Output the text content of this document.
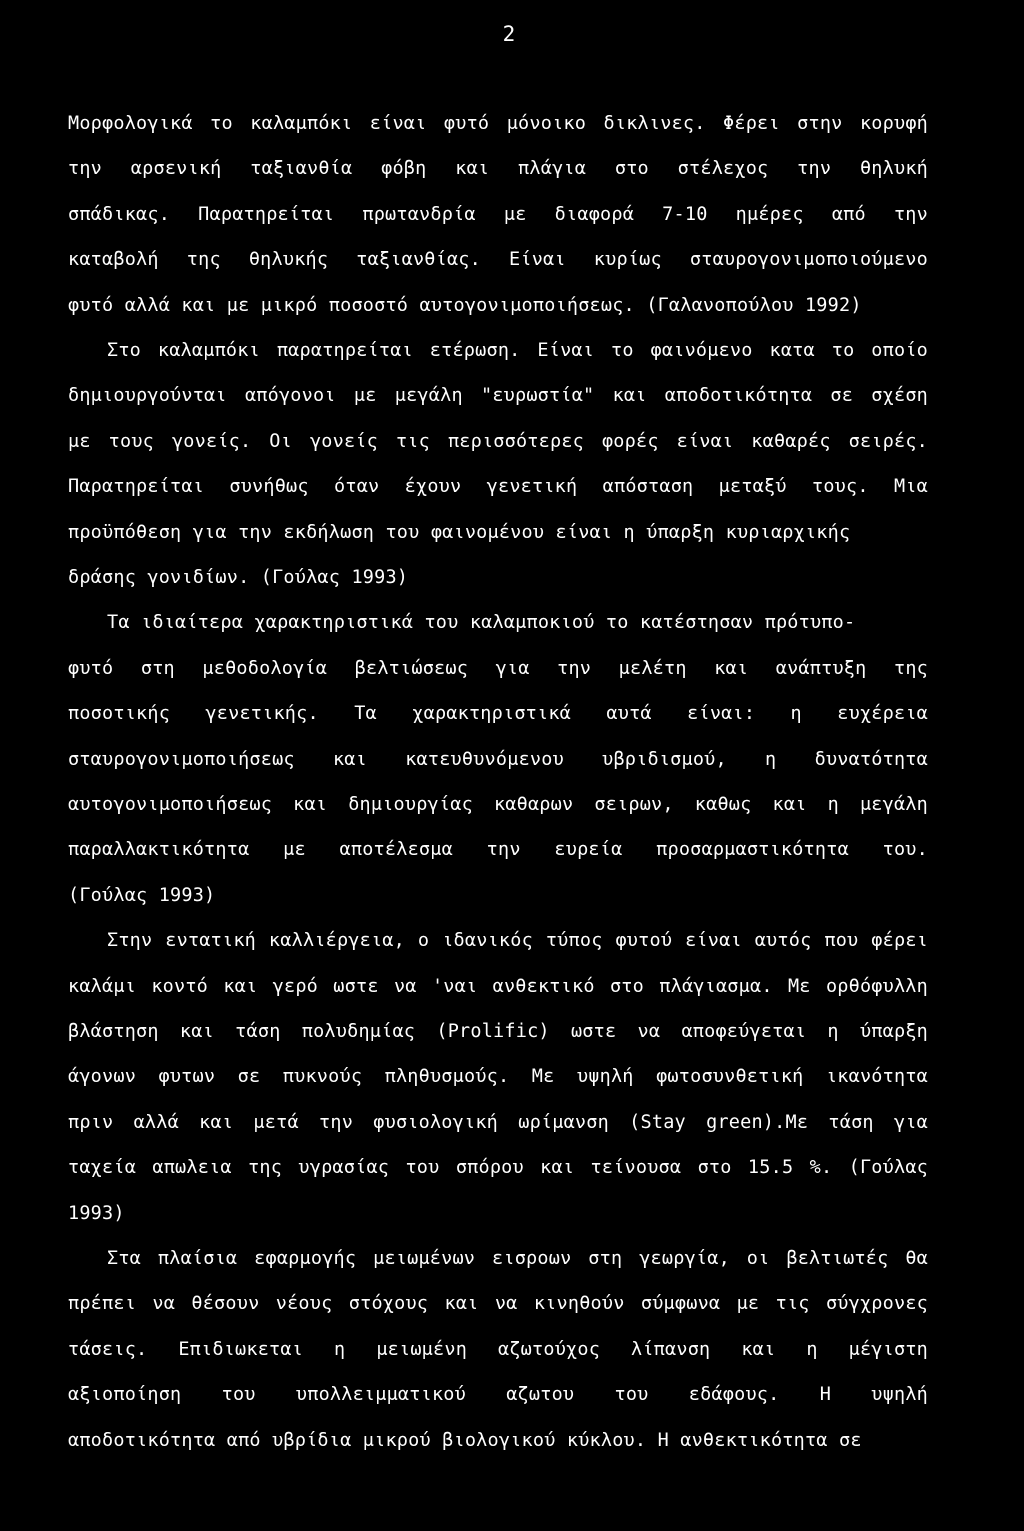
2
Μορφολογικά το καλαμπόκι είναι φυτό μόνοικο δικλινες. Φέρει στην κορυφή
την αρσενική ταξιανθία φόβη και πλάγια στο στέλεχος την θηλυκή
σπάδικας. Παρατηρείται πρωτανδρία με διαφορά 7-10 ημέρες από την
καταβολή της θηλυκής ταξιανθίας. Είναι κυρίως σταυρογονιμοποιούμενο
φυτό αλλά και με μικρό ποσοστό αυτογονιμοποιήσεως. (Γαλανοπούλου 1992)
Στο καλαμπόκι παρατηρείται ετέρωση. Είναι το φαινόμενο κατα το οποίο
δημιουργούνται απόγονοι με μεγάλη "ευρωστία" και αποδοτικότητα σε σχέση
με τους γονείς. Οι γονείς τις περισσότερες φορές είναι καθαρές σειρές.
Παρατηρείται συνήθως όταν έχουν γενετική απόσταση μεταξύ τους. Μια
προϋπόθεση για την εκδήλωση του φαινομένου είναι η ύπαρξη κυριαρχικής
δράσης γονιδίων. (Γούλας 1993)
Τα ιδιαίτερα χαρακτηριστικά του καλαμποκιού το κατέστησαν πρότυπο-
φυτό στη μεθοδολογία βελτιώσεως για την μελέτη και ανάπτυξη της
ποσοτικής γενετικής. Τα χαρακτηριστικά αυτά είναι: η ευχέρεια
σταυρογονιμοποιήσεως και κατευθυνόμενου υβριδισμού, η δυνατότητα
αυτογονιμοποιήσεως και δημιουργίας καθαρων σειρων, καθως και η μεγάλη
παραλλακτικότητα με αποτέλεσμα την ευρεία προσαρμαστικότητα του.
(Γούλας 1993)
Στην εντατική καλλιέργεια, ο ιδανικός τύπος φυτού είναι αυτός που φέρει
καλάμι κοντό και γερό ωστε να 'ναι ανθεκτικό στο πλάγιασμα. Με ορθόφυλλη
βλάστηση και τάση πολυδημίας (Prolific) ωστε να αποφεύγεται η ύπαρξη
άγονων φυτων σε πυκνούς πληθυσμούς. Με υψηλή φωτοσυνθετική ικανότητα
πριν αλλά και μετά την φυσιολογική ωρίμανση (Stay green).Με τάση για
ταχεία απωλεια της υγρασίας του σπόρου και τείνουσα στο 15.5 %. (Γούλας
1993)
Στα πλαίσια εφαρμογής μειωμένων εισροων στη γεωργία, οι βελτιωτές θα
πρέπει να θέσουν νέους στόχους και να κινηθούν σύμφωνα με τις σύγχρονες
τάσεις. Επιδιωκεται η μειωμένη αζωτούχος λίπανση και η μέγιστη
αξιοποίηση του υπολλειμματικού αζωτου του εδάφους. Η υψηλή
αποδοτικότητα από υβρίδια μικρού βιολογικού κύκλου. Η ανθεκτικότητα σε
